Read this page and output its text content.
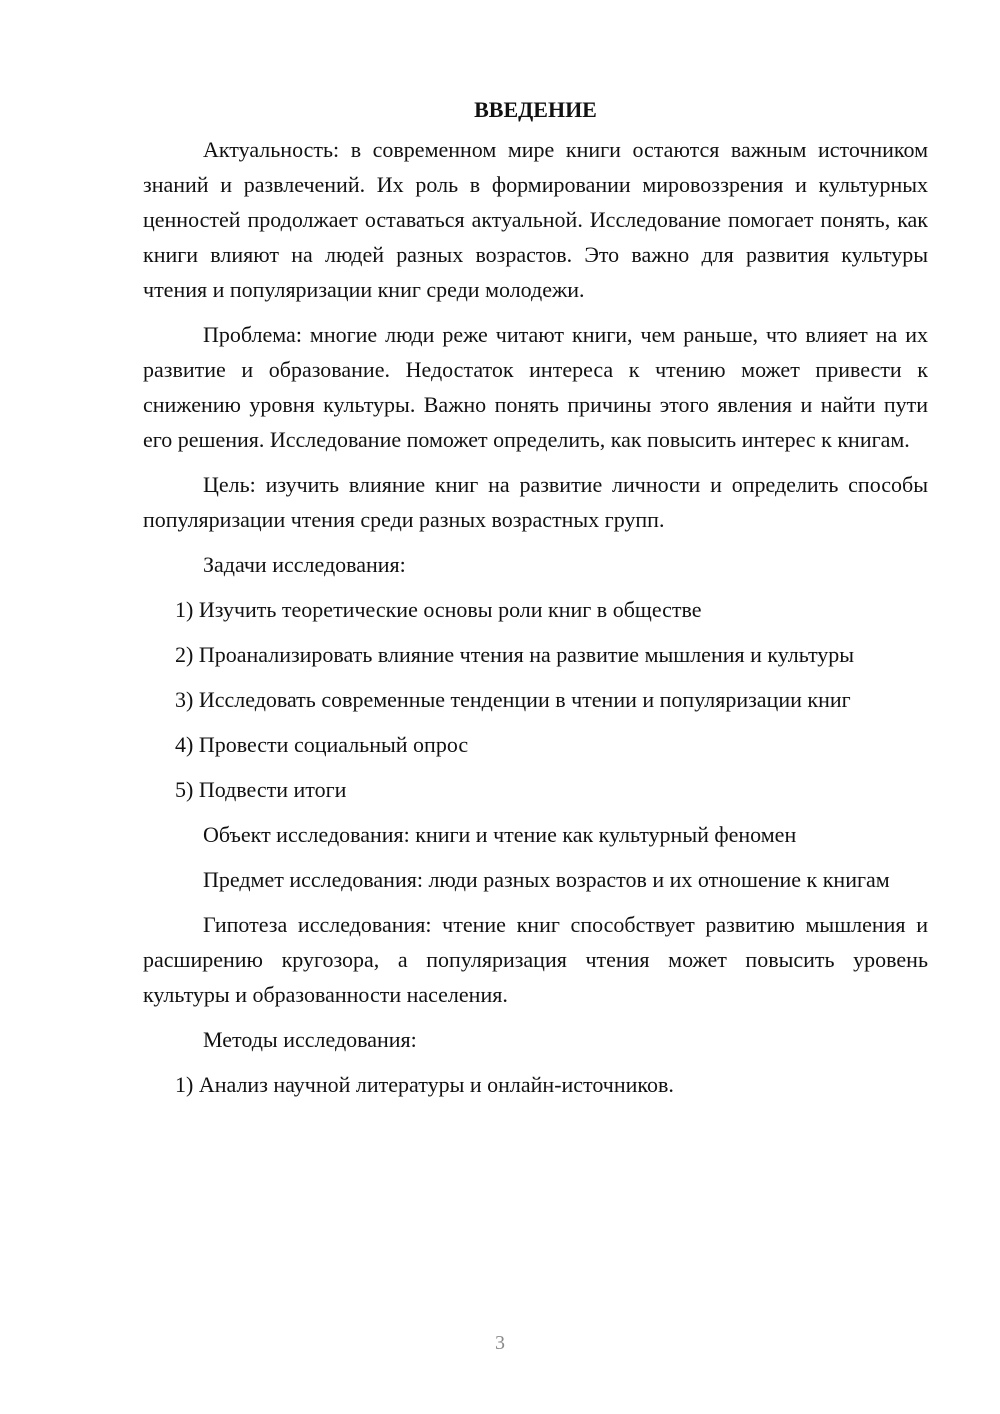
ВВЕДЕНИЕ

Актуальность: в современном мире книги остаются важным источником знаний и развлечений. Их роль в формировании мировоззрения и культурных ценностей продолжает оставаться актуальной. Исследование помогает понять, как книги влияют на людей разных возрастов. Это важно для развития культуры чтения и популяризации книг среди молодежи.

Проблема: многие люди реже читают книги, чем раньше, что влияет на их развитие и образование. Недостаток интереса к чтению может привести к снижению уровня культуры. Важно понять причины этого явления и найти пути его решения. Исследование поможет определить, как повысить интерес к книгам.

Цель: изучить влияние книг на развитие личности и определить способы популяризации чтения среди разных возрастных групп.

Задачи исследования:

1) Изучить теоретические основы роли книг в обществе

2) Проанализировать влияние чтения на развитие мышления и культуры

3) Исследовать современные тенденции в чтении и популяризации книг

4) Провести социальный опрос

5) Подвести итоги

Объект исследования: книги и чтение как культурный феномен

Предмет исследования: люди разных возрастов и их отношение к книгам

Гипотеза исследования: чтение книг способствует развитию мышления и расширению кругозора, а популяризация чтения может повысить уровень культуры и образованности населения.

Методы исследования:

1) Анализ научной литературы и онлайн-источников.

3
